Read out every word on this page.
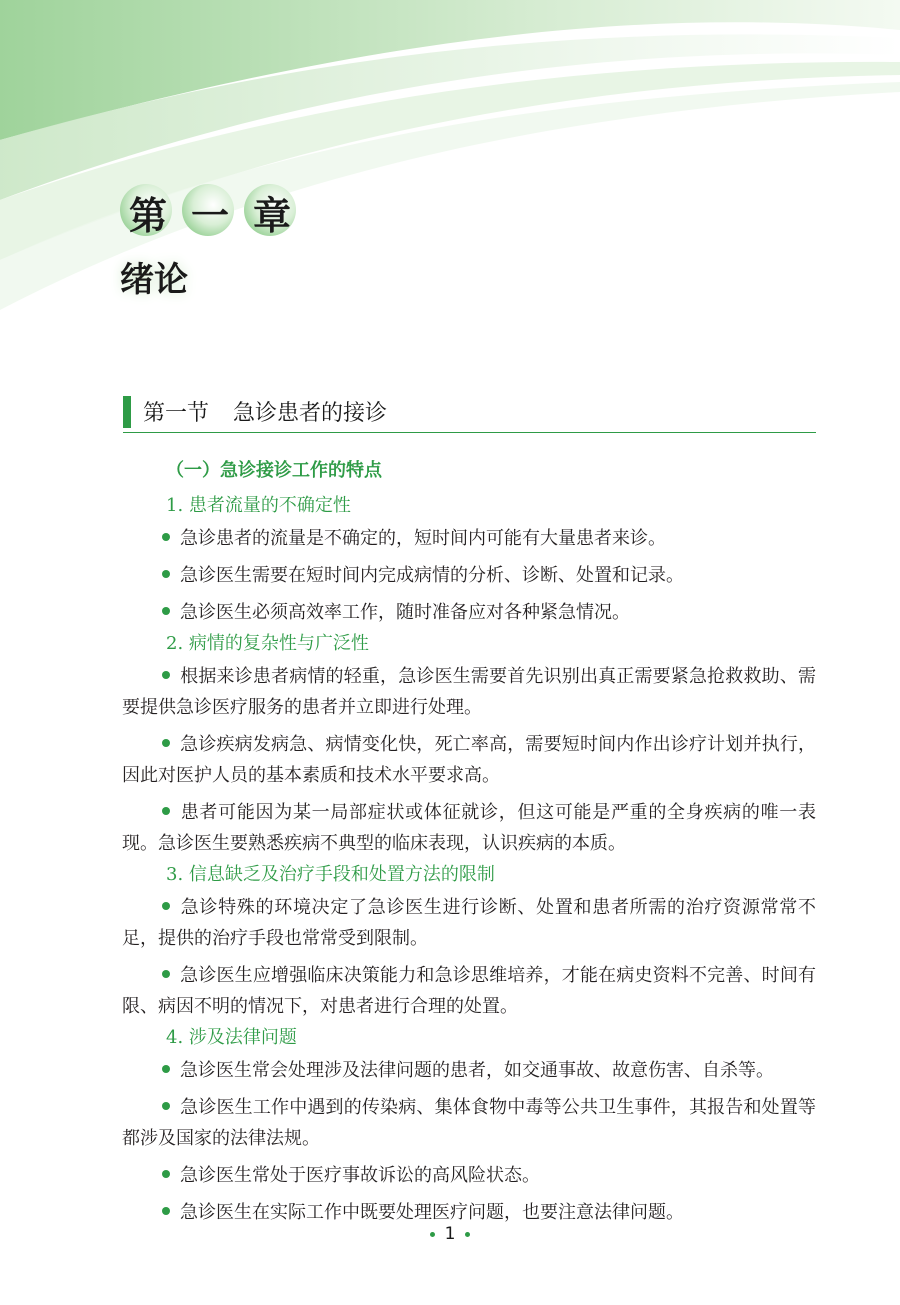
第 一 章
绪论
第一节 急诊患者的接诊
（一）急诊接诊工作的特点
1. 患者流量的不确定性

急诊患者的流量是不确定的，短时间内可能有大量患者来诊。

急诊医生需要在短时间内完成病情的分析、诊断、处置和记录。

急诊医生必须高效率工作，随时准备应对各种紧急情况。

2. 病情的复杂性与广泛性

根据来诊患者病情的轻重，急诊医生需要首先识别出真正需要紧急抢救救助、需要提供急诊医疗服务的患者并立即进行处理。

急诊疾病发病急、病情变化快，死亡率高，需要短时间内作出诊疗计划并执行，因此对医护人员的基本素质和技术水平要求高。

患者可能因为某一局部症状或体征就诊，但这可能是严重的全身疾病的唯一表现。急诊医生要熟悉疾病不典型的临床表现，认识疾病的本质。

3. 信息缺乏及治疗手段和处置方法的限制

急诊特殊的环境决定了急诊医生进行诊断、处置和患者所需的治疗资源常常不足，提供的治疗手段也常常受到限制。

急诊医生应增强临床决策能力和急诊思维培养，才能在病史资料不完善、时间有限、病因不明的情况下，对患者进行合理的处置。

4. 涉及法律问题

急诊医生常会处理涉及法律问题的患者，如交通事故、故意伤害、自杀等。

急诊医生工作中遇到的传染病、集体食物中毒等公共卫生事件，其报告和处置等都涉及国家的法律法规。

急诊医生常处于医疗事故诉讼的高风险状态。

急诊医生在实际工作中既要处理医疗问题，也要注意法律问题。

1
